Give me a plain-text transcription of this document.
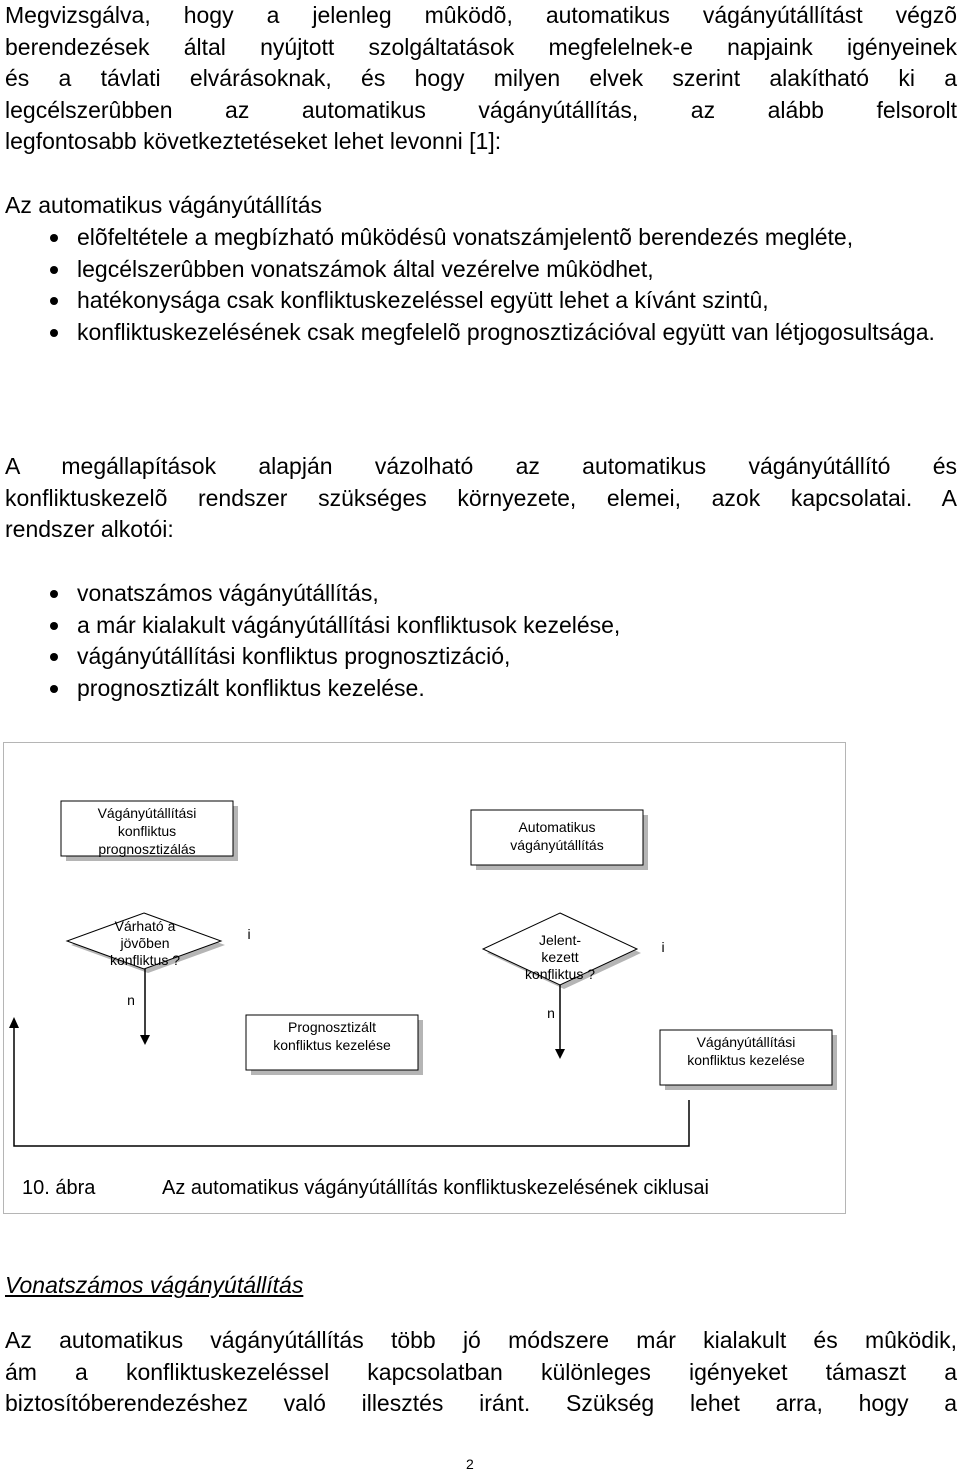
Megvizsgálva, hogy a jelenleg mûködõ, automatikus vágányútállítást végzõ
berendezések által nyújtott szolgáltatások megfelelnek-e napjaink igényeinek
és a távlati elvárásoknak, és hogy milyen elvek szerint alakítható ki a
legcélszerûbben az automatikus vágányútállítás, az alább felsorolt
legfontosabb következtetéseket lehet levonni [1]:
Az automatikus vágányútállítás
elõfeltétele a megbízható mûködésû vonatszámjelentõ berendezés megléte,
legcélszerûbben vonatszámok által vezérelve mûködhet,
hatékonysága csak konfliktuskezeléssel együtt lehet a kívánt szintû,
konfliktuskezelésének csak megfelelõ prognosztizációval együtt van létjogosultsága.
A megállapítások alapján vázolható az automatikus vágányútállító és
konfliktuskezelõ rendszer szükséges környezete, elemei, azok kapcsolatai. A
rendszer alkotói:
vonatszámos vágányútállítás,
a már kialakult vágányútállítási konfliktusok kezelése,
vágányútállítási konfliktus prognosztizáció,
prognosztizált konfliktus kezelése.
Vágányútállítási
konfliktus
prognosztizálás
Automatikus
vágányútállítás
Várható a
jövõben
konfliktus ?
i
n
Jelent-
kezett
konfliktus ?
i
n
Prognosztizált
konfliktus kezelése	Vágányútállítási
konfliktus kezelése
10. ábra	Az automatikus vágányútállítás konfliktuskezelésének ciklusai
Vonatszámos vágányútállítás
Az automatikus vágányútállítás több jó módszere már kialakult és mûködik,
ám a konfliktuskezeléssel kapcsolatban különleges igényeket támaszt a
biztosítóberendezéshez való illesztés iránt. Szükség lehet arra, hogy a
2
